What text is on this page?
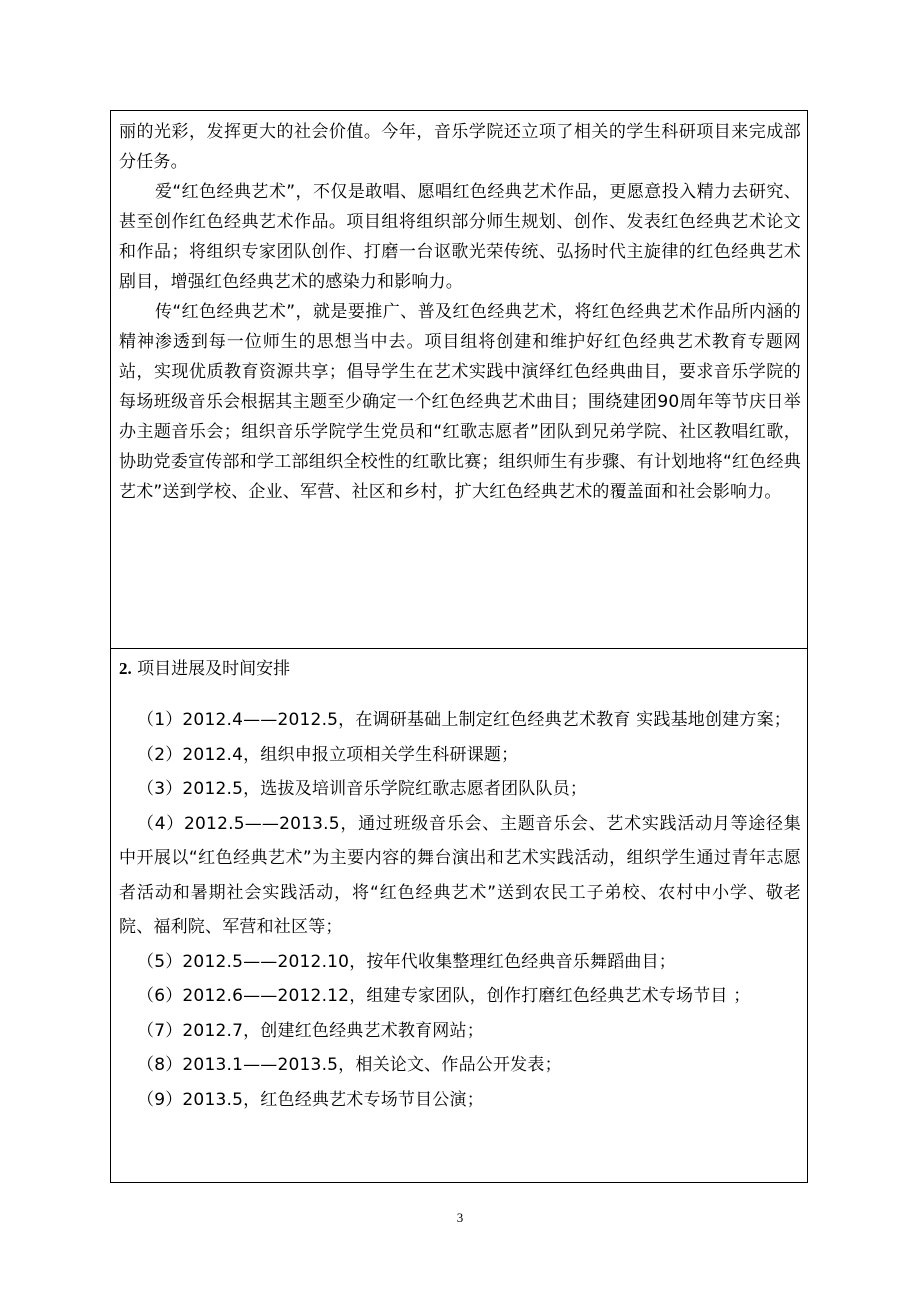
丽的光彩，发挥更大的社会价值。今年，音乐学院还立项了相关的学生科研项目来完成部分任务。

爱“红色经典艺术”，不仅是敢唱、愿唱红色经典艺术作品，更愿意投入精力去研究、甚至创作红色经典艺术作品。项目组将组织部分师生规划、创作、发表红色经典艺术论文和作品；将组织专家团队创作、打磨一台讴歌光荣传统、弘扬时代主旋律的红色经典艺术剧目，增强红色经典艺术的感染力和影响力。

传“红色经典艺术”，就是要推广、普及红色经典艺术，将红色经典艺术作品所内涵的精神渗透到每一位师生的思想当中去。项目组将创建和维护好红色经典艺术教育专题网站，实现优质教育资源共享；倡导学生在艺术实践中演绎红色经典曲目，要求音乐学院的每场班级音乐会根据其主题至少确定一个红色经典艺术曲目；围绕建团90周年等节庆日举办主题音乐会；组织音乐学院学生党员和“红歌志愿者”团队到兄弟学院、社区教唱红歌，协助党委宣传部和学工部组织全校性的红歌比赛；组织师生有步骤、有计划地将“红色经典艺术”送到学校、企业、军营、社区和乡村，扩大红色经典艺术的覆盖面和社会影响力。

2. 项目进展及时间安排

（1）2012.4——2012.5，在调研基础上制定红色经典艺术教育 实践基地创建方案；

（2）2012.4，组织申报立项相关学生科研课题；

（3）2012.5，选拔及培训音乐学院红歌志愿者团队队员；

（4）2012.5——2013.5，通过班级音乐会、主题音乐会、艺术实践活动月等途径集中开展以“红色经典艺术”为主要内容的舞台演出和艺术实践活动，组织学生通过青年志愿者活动和暑期社会实践活动，将“红色经典艺术”送到农民工子弟校、农村中小学、敬老院、福利院、军营和社区等；

（5）2012.5——2012.10，按年代收集整理红色经典音乐舞蹈曲目；

（6）2012.6——2012.12，组建专家团队，创作打磨红色经典艺术专场节目 ；

（7）2012.7，创建红色经典艺术教育网站；

（8）2013.1——2013.5，相关论文、作品公开发表；

（9）2013.5，红色经典艺术专场节目公演；

3
